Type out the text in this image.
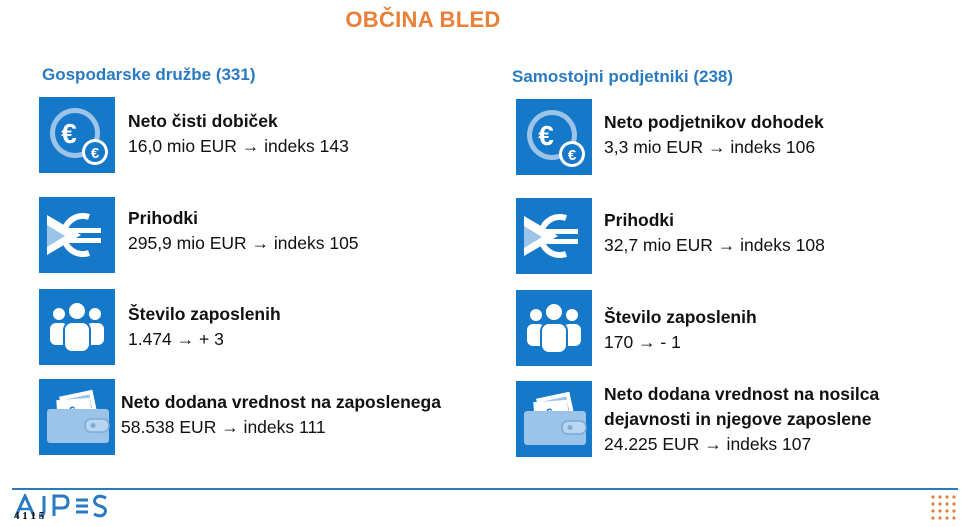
OBČINA BLED
Gospodarske družbe (331)
€
€
Neto čisti dobiček
16,0 mio EUR → indeks 143
Prihodki
295,9 mio EUR → indeks 105
Število zaposlenih
1.474 → + 3
Neto dodana vrednost na zaposlenega
58.538 EUR → indeks 111
Samostojni podjetniki (238)
€
€
Neto podjetnikov dohodek
3,3 mio EUR → indeks 106
Prihodki
32,7 mio EUR → indeks 108
Število zaposlenih
170 → - 1
Neto dodana vrednost na nosilca
dejavnosti in njegove zaposlene
24.225 EUR → indeks 107
4 1 1 5
